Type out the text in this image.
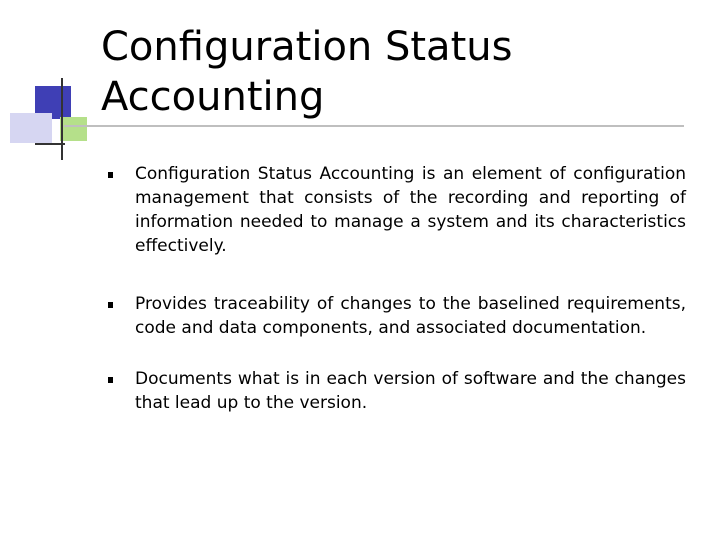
Configuration Status Accounting
Configuration Status Accounting is an element of configuration management that consists of the recording and reporting of information needed to manage a system and its characteristics effectively.
Provides traceability of changes to the baselined requirements, code and data components, and associated documentation.
Documents what is in each version of software and the changes that lead up to the version.
